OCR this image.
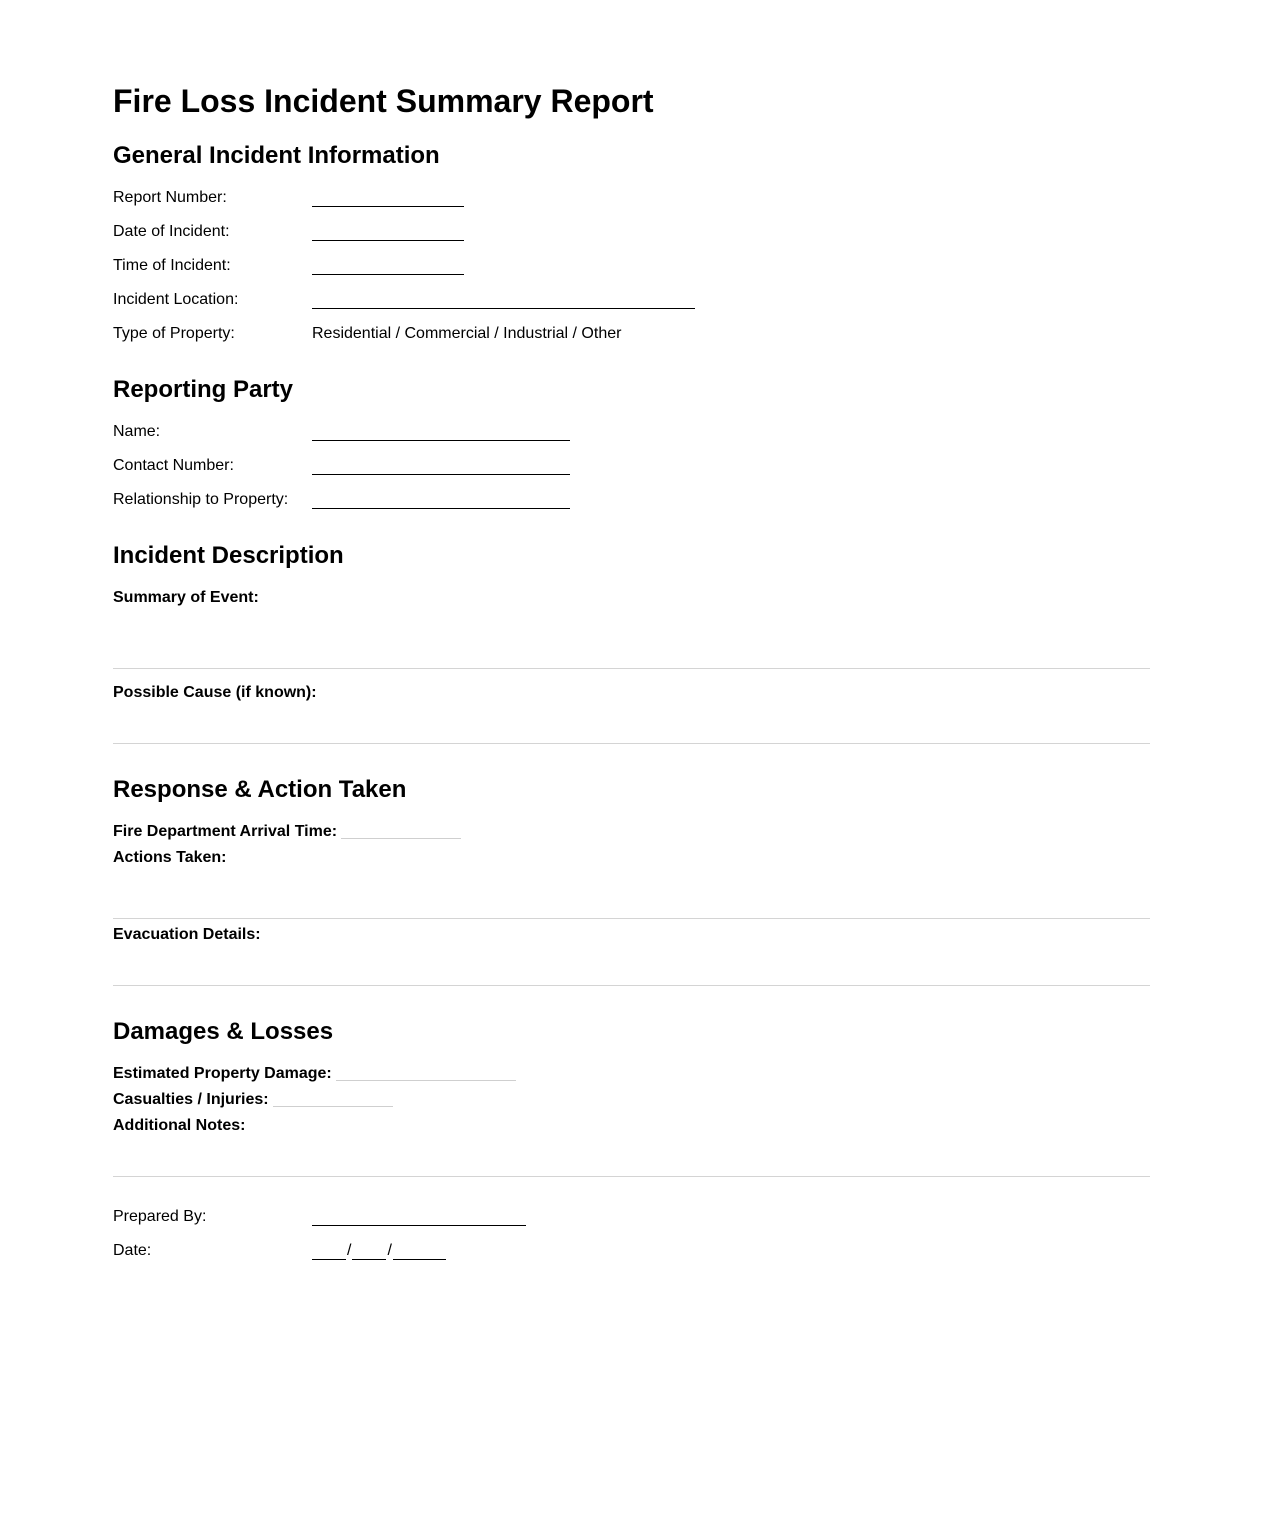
Fire Loss Incident Summary Report
General Incident Information
Report Number:
Date of Incident:
Time of Incident:
Incident Location:
Type of Property:	Residential / Commercial / Industrial / Other
Reporting Party
Name:
Contact Number:
Relationship to Property:
Incident Description
Summary of Event:
Possible Cause (if known):
Response & Action Taken
Fire Department Arrival Time:
Actions Taken:
Evacuation Details:
Damages & Losses
Estimated Property Damage:
Casualties / Injuries:
Additional Notes:
Prepared By:
Date:	/ /
